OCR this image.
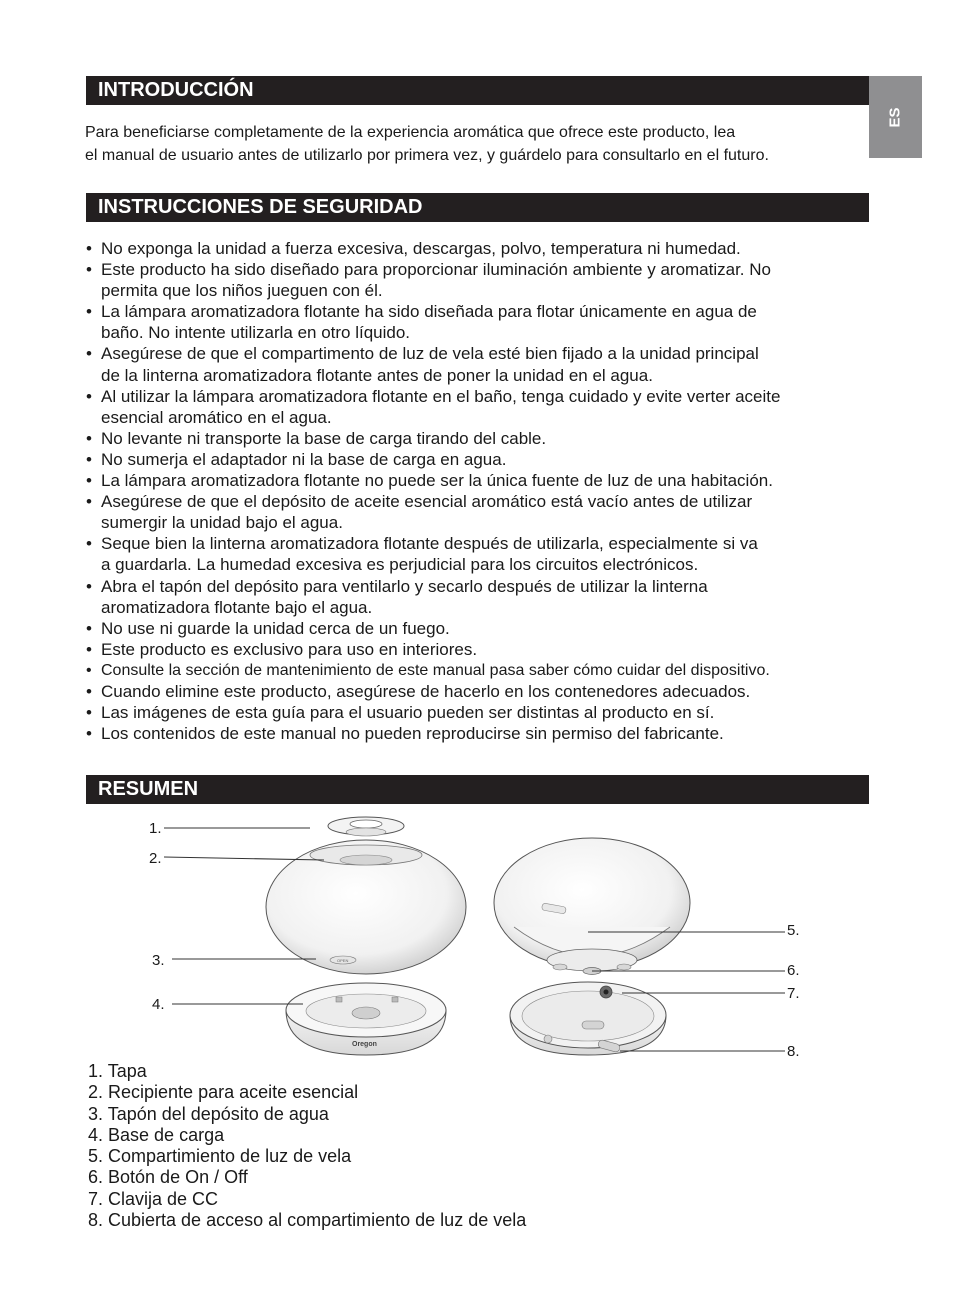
ES
INTRODUCCIÓN

Para beneficiarse completamente de la experiencia aromática que ofrece este producto, lea
el manual de usuario antes de utilizarlo por primera vez, y guárdelo para consultarlo en el futuro.

INSTRUCCIONES DE SEGURIDAD
• No exponga la unidad a fuerza excesiva, descargas, polvo, temperatura ni humedad.
• Este producto ha sido diseñado para proporcionar iluminación ambiente y aromatizar. No
permita que los niños jueguen con él.
• La lámpara aromatizadora flotante ha sido diseñada para flotar únicamente en agua de
baño. No intente utilizarla en otro líquido.
• Asegúrese de que el compartimento de luz de vela esté bien fijado a la unidad principal
de la linterna aromatizadora flotante antes de poner la unidad en el agua.
• Al utilizar la lámpara aromatizadora flotante en el baño, tenga cuidado y evite verter aceite
esencial aromático en el agua.
• No levante ni transporte la base de carga tirando del cable.
• No sumerja el adaptador ni la base de carga en agua.
• La lámpara aromatizadora flotante no puede ser la única fuente de luz de una habitación.
• Asegúrese de que el depósito de aceite esencial aromático está vacío antes de utilizar
sumergir la unidad bajo el agua.
• Seque bien la linterna aromatizadora flotante después de utilizarla, especialmente si va
a guardarla. La humedad excesiva es perjudicial para los circuitos electrónicos.
• Abra el tapón del depósito para ventilarlo y secarlo después de utilizar la linterna
aromatizadora flotante bajo el agua.
• No use ni guarde la unidad cerca de un fuego.
• Este producto es exclusivo para uso en interiores.
• Consulte la sección de mantenimiento de este manual pasa saber cómo cuidar del dispositivo.
• Cuando elimine este producto, asegúrese de hacerlo en los contenedores adecuados.
• Las imágenes de esta guía para el usuario pueden ser distintas al producto en sí.
• Los contenidos de este manual no pueden reproducirse sin permiso del fabricante.
RESUMEN
OPEN
Oregon
1.
2.
3.
4.
5.
6.
7.
8.
1. Tapa
2. Recipiente para aceite esencial
3. Tapón del depósito de agua
4. Base de carga
5. Compartimiento de luz de vela
6. Botón de On / Off
7. Clavija de CC
8. Cubierta de acceso al compartimiento de luz de vela
